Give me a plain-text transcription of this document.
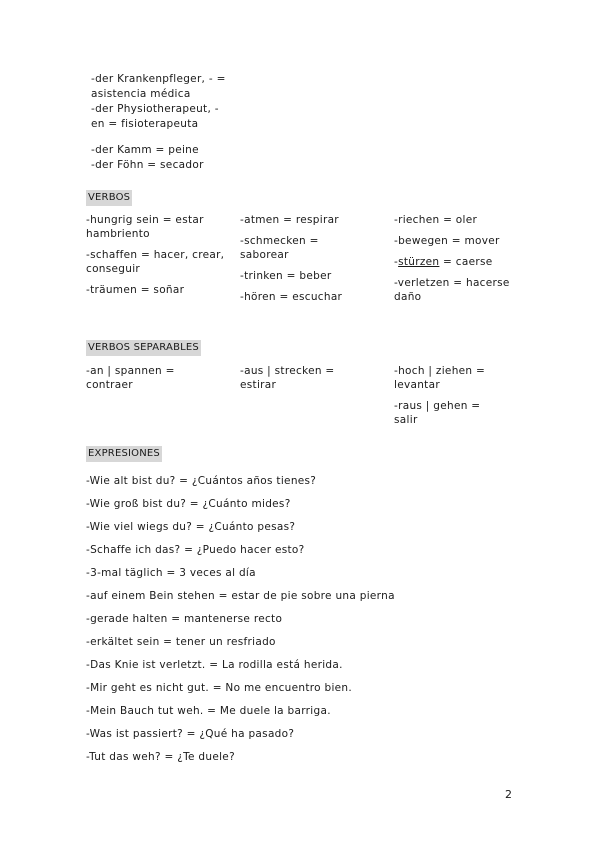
-der Krankenpfleger, - =
asistencia médica
-der Physiotherapeut, -
en = fisioterapeuta
-der Kamm = peine
-der Föhn = secador
VERBOS
-hungrig sein = estar hambriento
-schaffen = hacer, crear, conseguir
-träumen = soñar
-atmen = respirar
-schmecken = saborear
-trinken = beber
-hören = escuchar
-riechen = oler
-bewegen = mover
-stürzen = caerse
-verletzen = hacerse daño
VERBOS SEPARABLES
-an | spannen = contraer
-aus | strecken = estirar
-hoch | ziehen = levantar
-raus | gehen = salir
EXPRESIONES
-Wie alt bist du? = ¿Cuántos años tienes?
-Wie groß bist du? = ¿Cuánto mides?
-Wie viel wiegs du? = ¿Cuánto pesas?
-Schaffe ich das? = ¿Puedo hacer esto?
-3-mal täglich = 3 veces al día
-auf einem Bein stehen = estar de pie sobre una pierna
-gerade halten = mantenerse recto
-erkältet sein = tener un resfriado
-Das Knie ist verletzt. = La rodilla está herida.
-Mir geht es nicht gut. = No me encuentro bien.
-Mein Bauch tut weh. = Me duele la barriga.
-Was ist passiert? = ¿Qué ha pasado?
-Tut das weh? = ¿Te duele?
2
